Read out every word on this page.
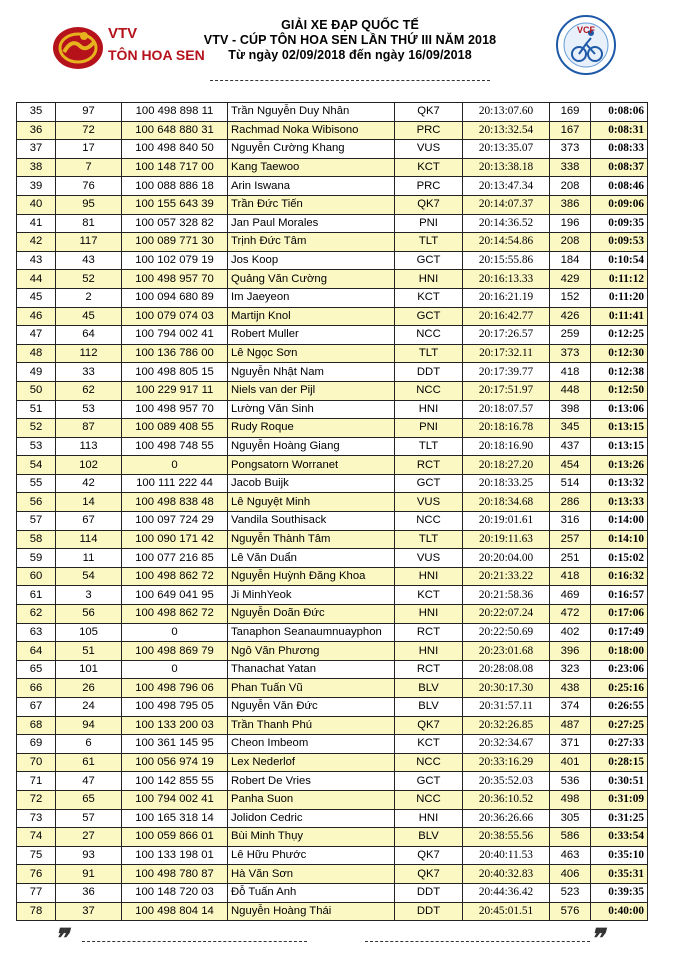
VTV
TÔN HOA SEN
GIẢI XE ĐẠP QUỐC TẾ
VTV - CÚP TÔN HOA SEN LẦN THỨ III NĂM 2018
Từ ngày 02/09/2018 đến ngày 16/09/2018
VCF
35	97	100 498 898 11	Trần Nguyễn Duy Nhân	QK7	20:13:07.60	169	0:08:06
36	72	100 648 880 31	Rachmad Noka Wibisono	PRC	20:13:32.54	167	0:08:31
37	17	100 498 840 50	Nguyễn Cường Khang	VUS	20:13:35.07	373	0:08:33
38	7	100 148 717 00	Kang Taewoo	KCT	20:13:38.18	338	0:08:37
39	76	100 088 886 18	Arin Iswana	PRC	20:13:47.34	208	0:08:46
40	95	100 155 643 39	Trần Đức Tiến	QK7	20:14:07.37	386	0:09:06
41	81	100 057 328 82	Jan Paul Morales	PNI	20:14:36.52	196	0:09:35
42	117	100 089 771 30	Trịnh Đức Tâm	TLT	20:14:54.86	208	0:09:53
43	43	100 102 079 19	Jos Koop	GCT	20:15:55.86	184	0:10:54
44	52	100 498 957 70	Quảng Văn Cường	HNI	20:16:13.33	429	0:11:12
45	2	100 094 680 89	Im Jaeyeon	KCT	20:16:21.19	152	0:11:20
46	45	100 079 074 03	Martijn Knol	GCT	20:16:42.77	426	0:11:41
47	64	100 794 002 41	Robert Muller	NCC	20:17:26.57	259	0:12:25
48	112	100 136 786 00	Lê Ngọc Sơn	TLT	20:17:32.11	373	0:12:30
49	33	100 498 805 15	Nguyễn Nhật Nam	DDT	20:17:39.77	418	0:12:38
50	62	100 229 917 11	Niels van der Pijl	NCC	20:17:51.97	448	0:12:50
51	53	100 498 957 70	Lường Văn Sinh	HNI	20:18:07.57	398	0:13:06
52	87	100 089 408 55	Rudy Roque	PNI	20:18:16.78	345	0:13:15
53	113	100 498 748 55	Nguyễn Hoàng Giang	TLT	20:18:16.90	437	0:13:15
54	102	0	Pongsatorn Worranet	RCT	20:18:27.20	454	0:13:26
55	42	100 111 222 44	Jacob Buijk	GCT	20:18:33.25	514	0:13:32
56	14	100 498 838 48	Lê Nguyệt Minh	VUS	20:18:34.68	286	0:13:33
57	67	100 097 724 29	Vandila Southisack	NCC	20:19:01.61	316	0:14:00
58	114	100 090 171 42	Nguyễn Thành Tâm	TLT	20:19:11.63	257	0:14:10
59	11	100 077 216 85	Lê Văn Duẩn	VUS	20:20:04.00	251	0:15:02
60	54	100 498 862 72	Nguyễn Huỳnh Đăng Khoa	HNI	20:21:33.22	418	0:16:32
61	3	100 649 041 95	Ji MinhYeok	KCT	20:21:58.36	469	0:16:57
62	56	100 498 862 72	Nguyễn Doãn Đức	HNI	20:22:07.24	472	0:17:06
63	105	0	Tanaphon Seanaumnuayphon	RCT	20:22:50.69	402	0:17:49
64	51	100 498 869 79	Ngô Văn Phương	HNI	20:23:01.68	396	0:18:00
65	101	0	Thanachat Yatan	RCT	20:28:08.08	323	0:23:06
66	26	100 498 796 06	Phan Tuấn Vũ	BLV	20:30:17.30	438	0:25:16
67	24	100 498 795 05	Nguyễn Văn Đức	BLV	20:31:57.11	374	0:26:55
68	94	100 133 200 03	Trần Thanh Phú	QK7	20:32:26.85	487	0:27:25
69	6	100 361 145 95	Cheon Imbeom	KCT	20:32:34.67	371	0:27:33
70	61	100 056 974 19	Lex Nederlof	NCC	20:33:16.29	401	0:28:15
71	47	100 142 855 55	Robert De Vries	GCT	20:35:52.03	536	0:30:51
72	65	100 794 002 41	Panha Suon	NCC	20:36:10.52	498	0:31:09
73	57	100 165 318 14	Jolidon Cedric	HNI	20:36:26.66	305	0:31:25
74	27	100 059 866 01	Bùi Minh Thụy	BLV	20:38:55.56	586	0:33:54
75	93	100 133 198 01	Lê Hữu Phước	QK7	20:40:11.53	463	0:35:10
76	91	100 498 780 87	Hà Văn Sơn	QK7	20:40:32.83	406	0:35:31
77	36	100 148 720 03	Đỗ Tuấn Anh	DDT	20:44:36.42	523	0:39:35
78	37	100 498 804 14	Nguyễn Hoàng Thái	DDT	20:45:01.51	576	0:40:00
❞	❞
